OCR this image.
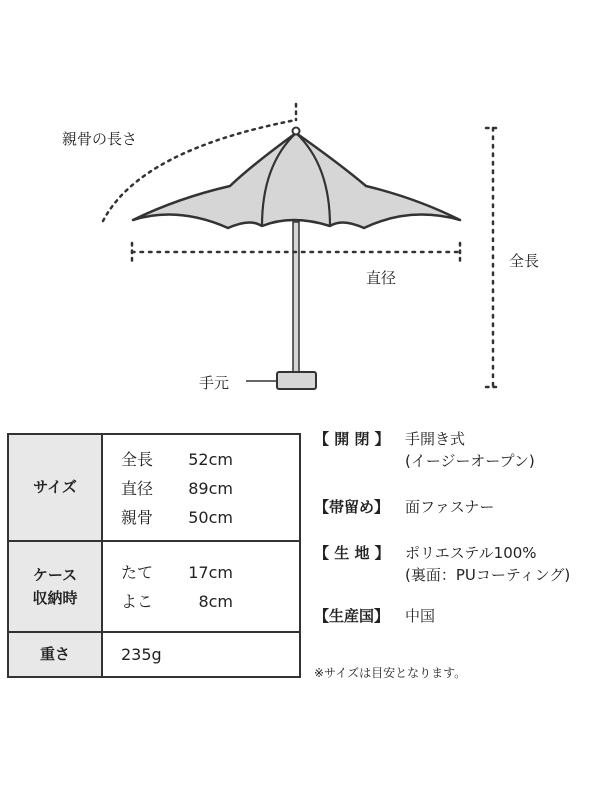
親骨の長さ
直径
全長
手元
サイズ
全長 52cm
直径 89cm
親骨 50cm
ケース
収納時
たて 17cm
よこ	8cm
重さ	235g
【 開 閉 】	手開き式
(イージーオープン)
【帯留め】	面ファスナー
【 生 地 】	ポリエステル100%
(裏面：PUコーティング)
【生産国】	中国
※サイズは目安となります。
